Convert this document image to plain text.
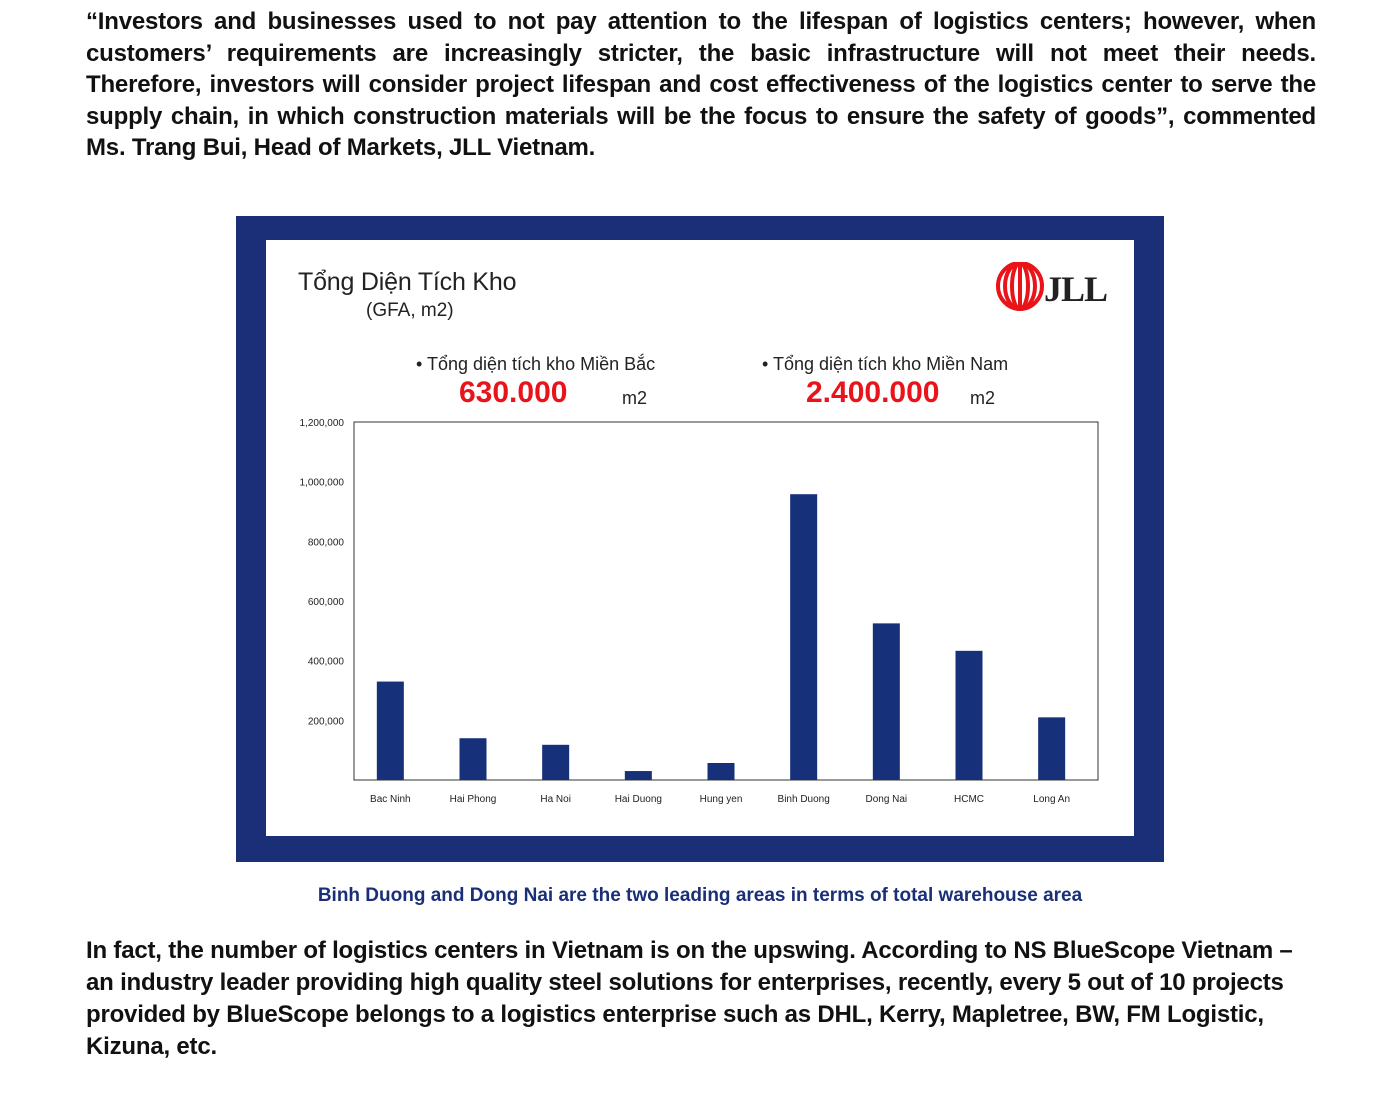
“Investors and businesses used to not pay attention to the lifespan of logistics centers; however, when customers’ requirements are increasingly stricter, the basic infrastructure will not meet their needs. Therefore, investors will consider project lifespan and cost effectiveness of the logistics center to serve the supply chain, in which construction materials will be the focus to ensure the safety of goods”, commented Ms. Trang Bui, Head of Markets, JLL Vietnam.

Tổng Diện Tích Kho
(GFA, m2)
JLL
• Tổng diện tích kho Miền Bắc
630.000	m2
• Tổng diện tích kho Miền Nam
2.400.000 m2
200,000
400,000
600,000
800,000
1,000,000
1,200,000
Bac Ninh	Hai Phong	Ha Noi	Hai Duong	Hung yen	Binh Duong	Dong Nai	HCMC	Long An

Binh Duong and Dong Nai are the two leading areas in terms of total warehouse area

In fact, the number of logistics centers in Vietnam is on the upswing. According to NS BlueScope Vietnam – an industry leader providing high quality steel solutions for enterprises, recently, every 5 out of 10 projects provided by BlueScope belongs to a logistics enterprise such as DHL, Kerry, Mapletree, BW, FM Logistic, Kizuna, etc.
